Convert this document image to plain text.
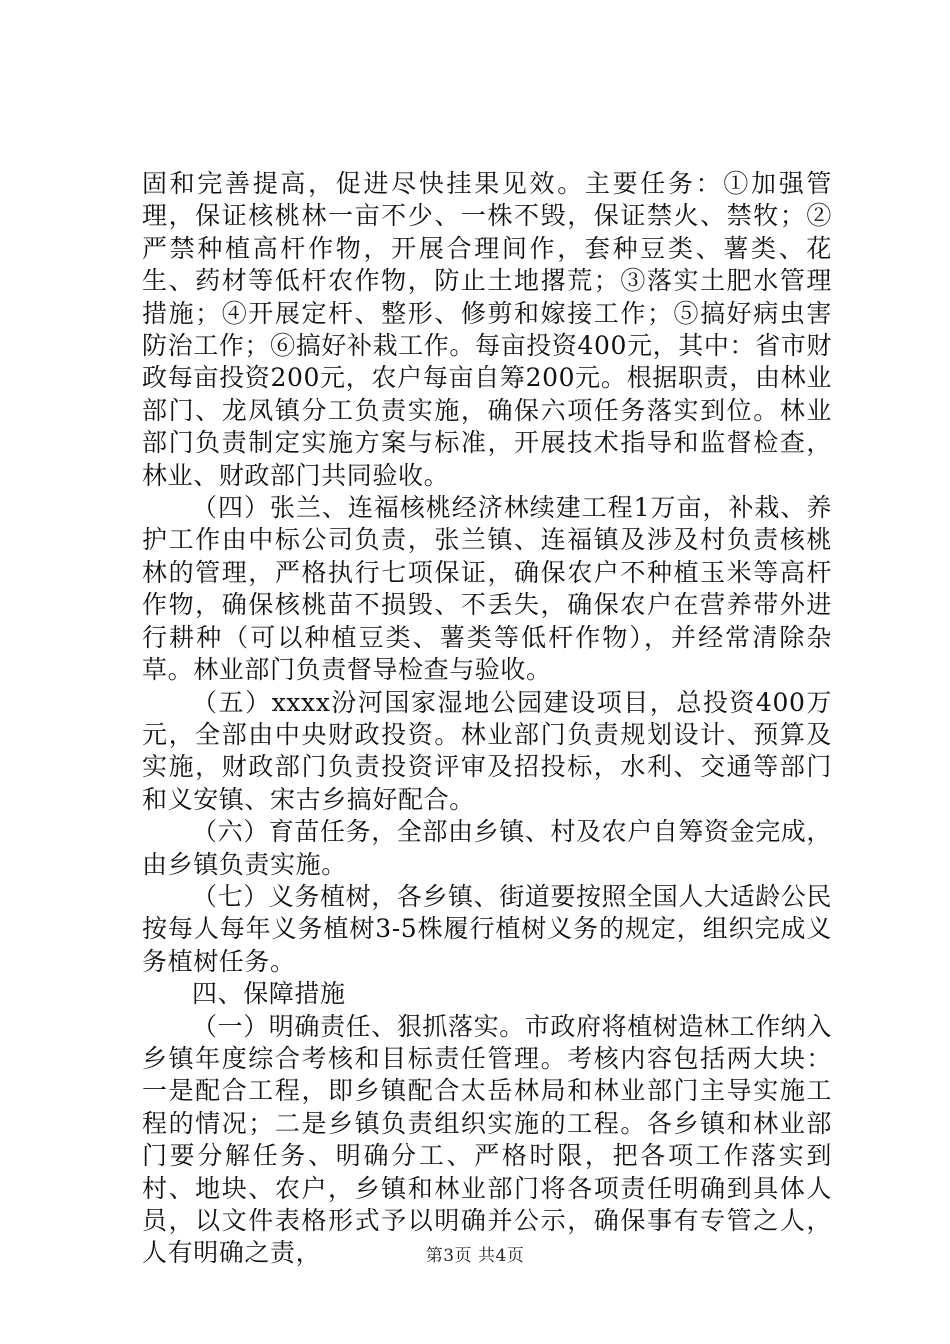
固和完善提高，促进尽快挂果见效。主要任务：①加强管理，保证核桃林一亩不少、一株不毁，保证禁火、禁牧；②严禁种植高杆作物，开展合理间作，套种豆类、薯类、花生、药材等低杆农作物，防止土地撂荒；③落实土肥水管理措施；④开展定杆、整形、修剪和嫁接工作；⑤搞好病虫害防治工作；⑥搞好补栽工作。每亩投资400元，其中：省市财政每亩投资200元，农户每亩自筹200元。根据职责，由林业部门、龙凤镇分工负责实施，确保六项任务落实到位。林业部门负责制定实施方案与标准，开展技术指导和监督检查，林业、财政部门共同验收。

（四）张兰、连福核桃经济林续建工程1万亩，补栽、养护工作由中标公司负责，张兰镇、连福镇及涉及村负责核桃林的管理，严格执行七项保证，确保农户不种植玉米等高杆作物，确保核桃苗不损毁、不丢失，确保农户在营养带外进行耕种（可以种植豆类、薯类等低杆作物），并经常清除杂草。林业部门负责督导检查与验收。

（五）xxxx汾河国家湿地公园建设项目，总投资400万元，全部由中央财政投资。林业部门负责规划设计、预算及实施，财政部门负责投资评审及招投标，水利、交通等部门和义安镇、宋古乡搞好配合。

（六）育苗任务，全部由乡镇、村及农户自筹资金完成，由乡镇负责实施。

（七）义务植树，各乡镇、街道要按照全国人大适龄公民按每人每年义务植树3-5株履行植树义务的规定，组织完成义务植树任务。

四、保障措施

（一）明确责任、狠抓落实。市政府将植树造林工作纳入乡镇年度综合考核和目标责任管理。考核内容包括两大块：一是配合工程，即乡镇配合太岳林局和林业部门主导实施工程的情况；二是乡镇负责组织实施的工程。各乡镇和林业部门要分解任务、明确分工、严格时限，把各项工作落实到村、地块、农户，乡镇和林业部门将各项责任明确到具体人员，以文件表格形式予以明确并公示，确保事有专管之人，人有明确之责，	第3页 共4页
